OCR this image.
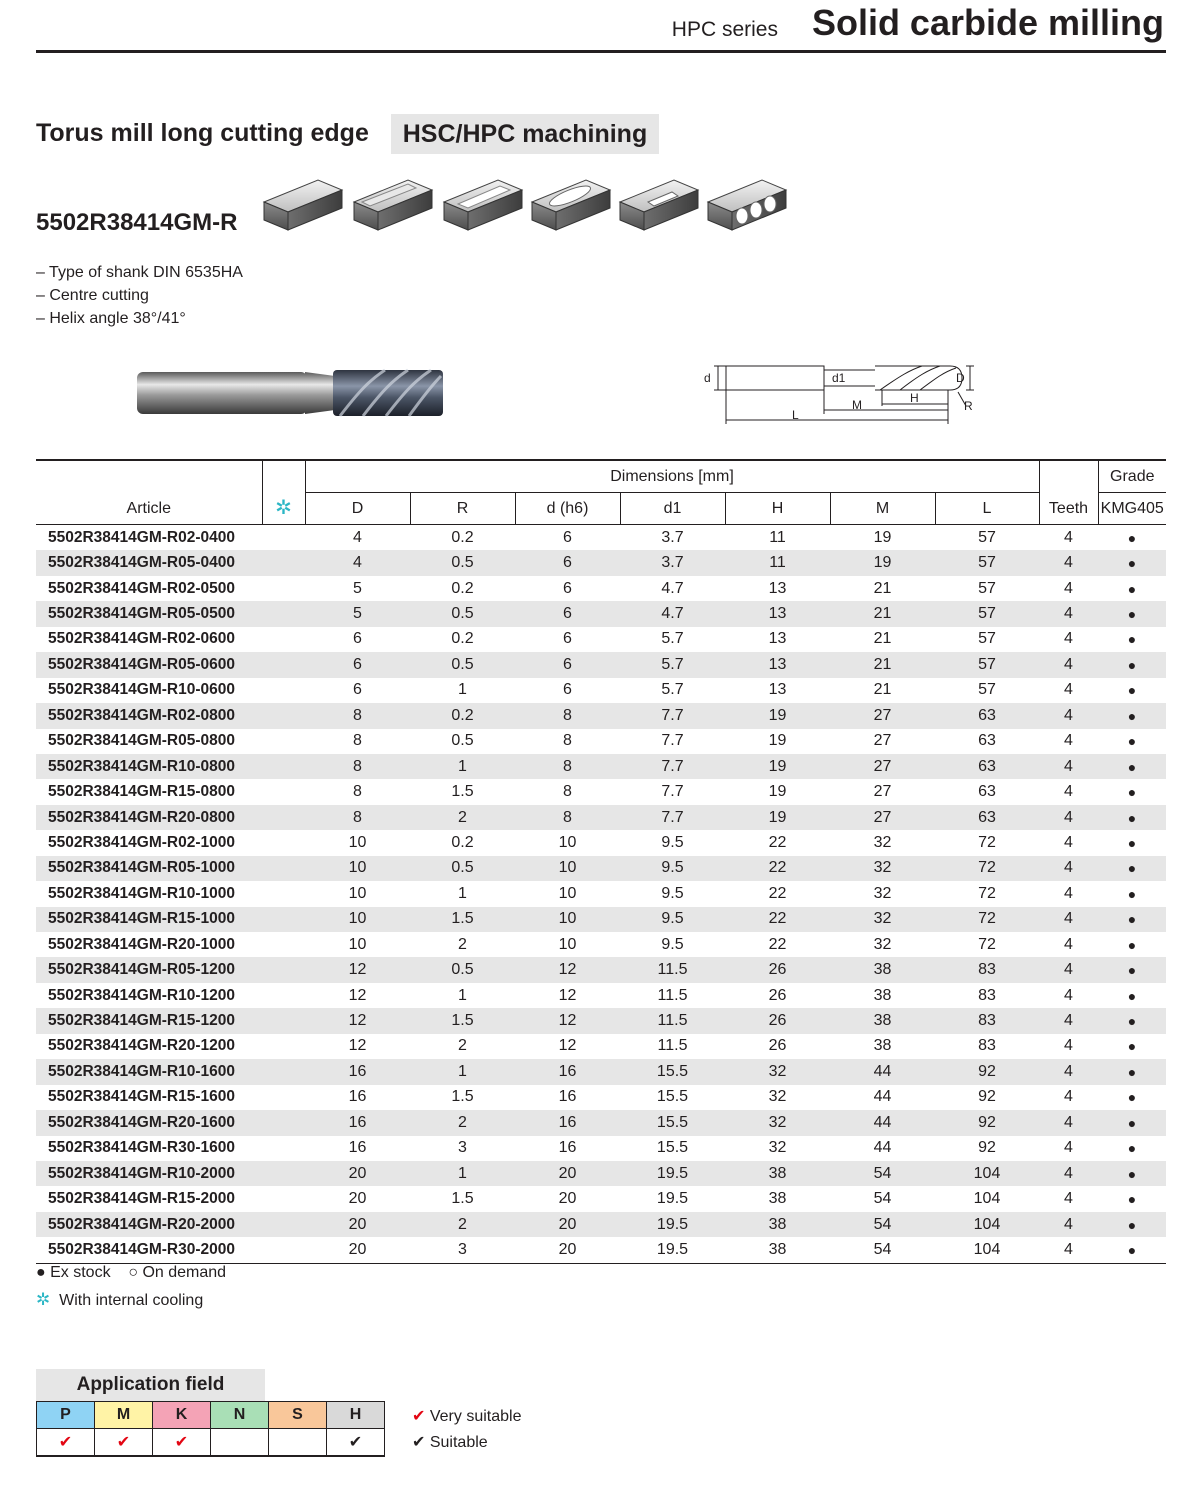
HPC series Solid carbide milling
Torus mill long cutting edge	HSC/HPC machining
5502R38414GM-R
– Type of shank DIN 6535HA
– Centre cutting
– Helix angle 38°/41°
d	d1	D
M	H
L
R
Article	✲	Dimensions [mm]							Teeth	Grade
		D	R	d (h6)	d1	H	M	L		KMG405
5502R38414GM-R02-0400		4	0.2	6	3.7	11	19	57	4	●
5502R38414GM-R05-0400		4	0.5	6	3.7	11	19	57	4	●
5502R38414GM-R02-0500		5	0.2	6	4.7	13	21	57	4	●
5502R38414GM-R05-0500		5	0.5	6	4.7	13	21	57	4	●
5502R38414GM-R02-0600		6	0.2	6	5.7	13	21	57	4	●
5502R38414GM-R05-0600		6	0.5	6	5.7	13	21	57	4	●
5502R38414GM-R10-0600		6	1	6	5.7	13	21	57	4	●
5502R38414GM-R02-0800		8	0.2	8	7.7	19	27	63	4	●
5502R38414GM-R05-0800		8	0.5	8	7.7	19	27	63	4	●
5502R38414GM-R10-0800		8	1	8	7.7	19	27	63	4	●
5502R38414GM-R15-0800		8	1.5	8	7.7	19	27	63	4	●
5502R38414GM-R20-0800		8	2	8	7.7	19	27	63	4	●
5502R38414GM-R02-1000		10	0.2	10	9.5	22	32	72	4	●
5502R38414GM-R05-1000		10	0.5	10	9.5	22	32	72	4	●
5502R38414GM-R10-1000		10	1	10	9.5	22	32	72	4	●
5502R38414GM-R15-1000		10	1.5	10	9.5	22	32	72	4	●
5502R38414GM-R20-1000		10	2	10	9.5	22	32	72	4	●
5502R38414GM-R05-1200		12	0.5	12	11.5	26	38	83	4	●
5502R38414GM-R10-1200		12	1	12	11.5	26	38	83	4	●
5502R38414GM-R15-1200		12	1.5	12	11.5	26	38	83	4	●
5502R38414GM-R20-1200		12	2	12	11.5	26	38	83	4	●
5502R38414GM-R10-1600		16	1	16	15.5	32	44	92	4	●
5502R38414GM-R15-1600		16	1.5	16	15.5	32	44	92	4	●
5502R38414GM-R20-1600		16	2	16	15.5	32	44	92	4	●
5502R38414GM-R30-1600		16	3	16	15.5	32	44	92	4	●
5502R38414GM-R10-2000		20	1	20	19.5	38	54	104	4	●
5502R38414GM-R15-2000		20	1.5	20	19.5	38	54	104	4	●
5502R38414GM-R20-2000		20	2	20	19.5	38	54	104	4	●
5502R38414GM-R30-2000		20	3	20	19.5	38	54	104	4	●
● Ex stock ○ On demand
✲ With internal cooling
Application field
P	M	K	N	S	H
✔	✔	✔			✔
✔ Very suitable
✔ Suitable
